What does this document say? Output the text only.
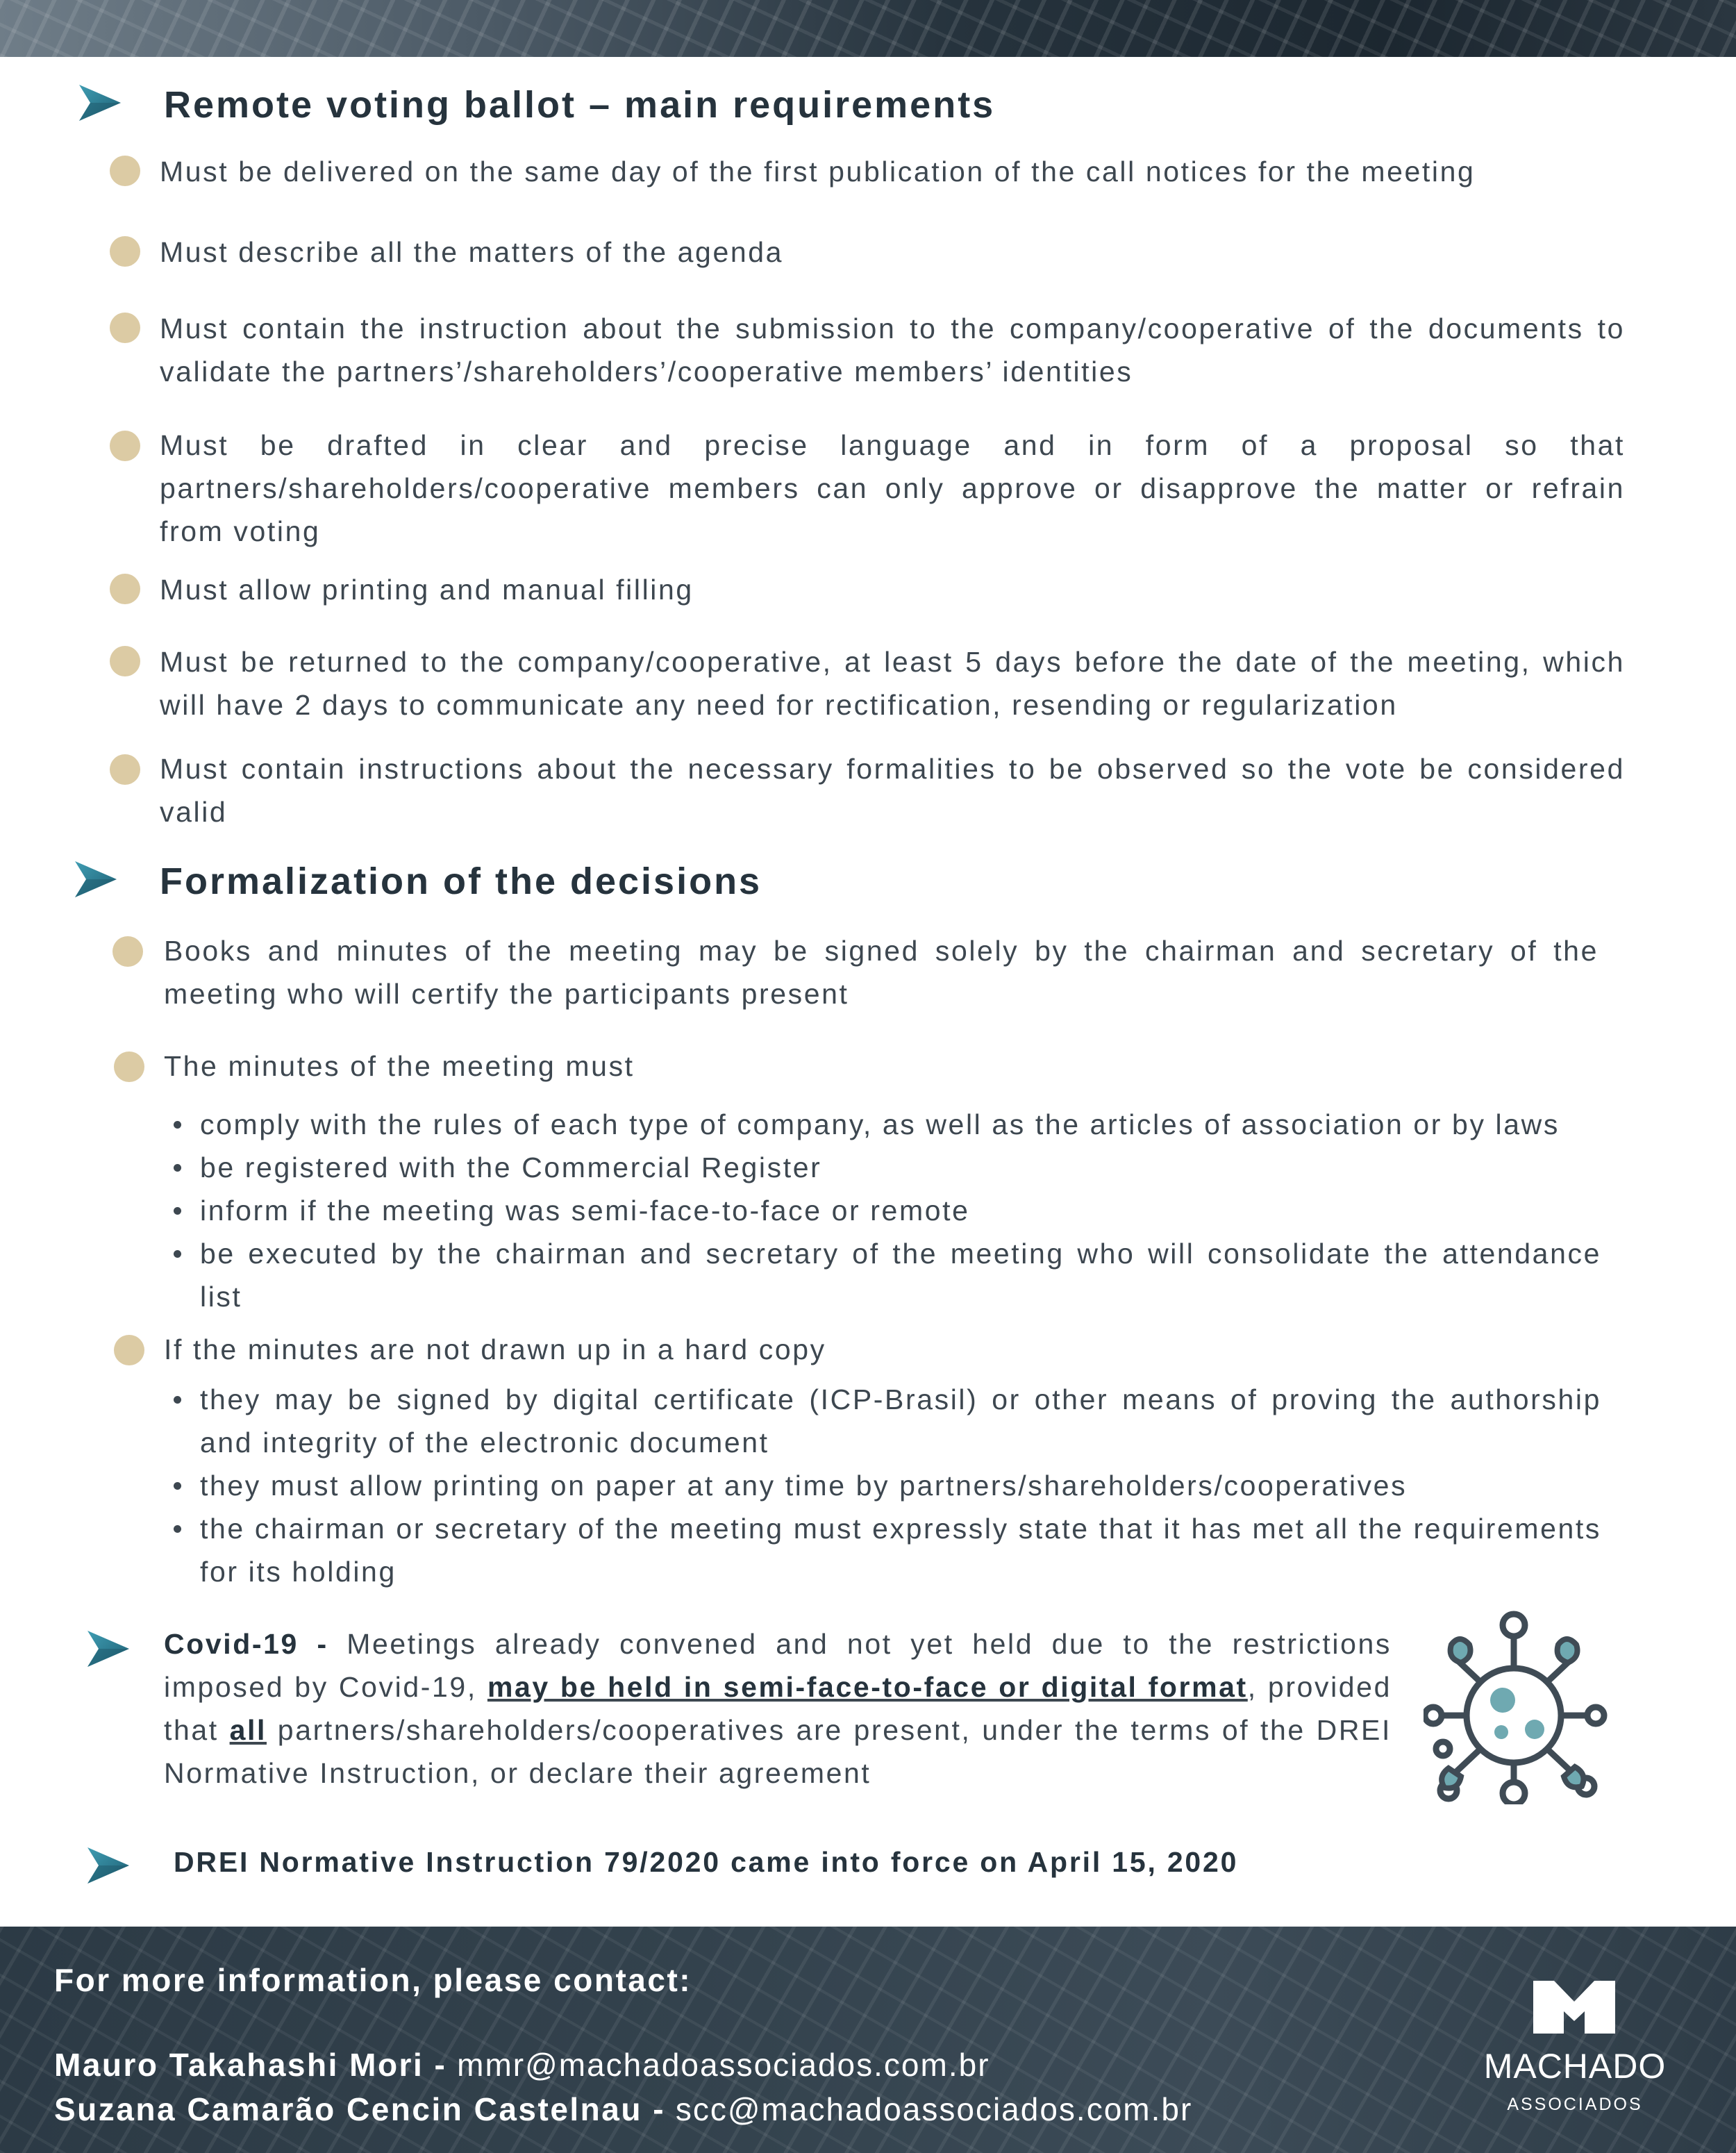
Remote voting ballot – main requirements
Must be delivered on the same day of the first publication of the call notices for the meeting
Must describe all the matters of the agenda
Must contain the instruction about the submission to the company/cooperative of the documents to validate the partners’/shareholders’/cooperative members’ identities
Must be drafted in clear and precise language and in form of a proposal so that partners/shareholders/cooperative members can only approve or disapprove the matter or refrain from voting
Must allow printing and manual filling
Must be returned to the company/cooperative, at least 5 days before the date of the meeting, which will have 2 days to communicate any need for rectification, resending or regularization
Must contain instructions about the necessary formalities to be observed so the vote be considered valid
Formalization of the decisions
Books and minutes of the meeting may be signed solely by the chairman and secretary of the meeting who will certify the participants present
The minutes of the meeting must
comply with the rules of each type of company, as well as the articles of association or by laws
be registered with the Commercial Register
inform if the meeting was semi-face-to-face or remote
be executed by the chairman and secretary of the meeting who will consolidate the attendance list
If the minutes are not drawn up in a hard copy
they may be signed by digital certificate (ICP-Brasil) or other means of proving the authorship and integrity of the electronic document
they must allow printing on paper at any time by partners/shareholders/cooperatives
the chairman or secretary of the meeting must expressly state that it has met all the requirements for its holding
Covid-19 - Meetings already convened and not yet held due to the restrictions imposed by Covid-19, may be held in semi-face-to-face or digital format, provided that all partners/shareholders/cooperatives are present, under the terms of the DREI Normative Instruction, or declare their agreement
DREI Normative Instruction 79/2020 came into force on April 15, 2020
For more information, please contact:
Mauro Takahashi Mori - mmr@machadoassociados.com.br
Suzana Camarão Cencin Castelnau - scc@machadoassociados.com.br
MACHADO
ASSOCIADOS
